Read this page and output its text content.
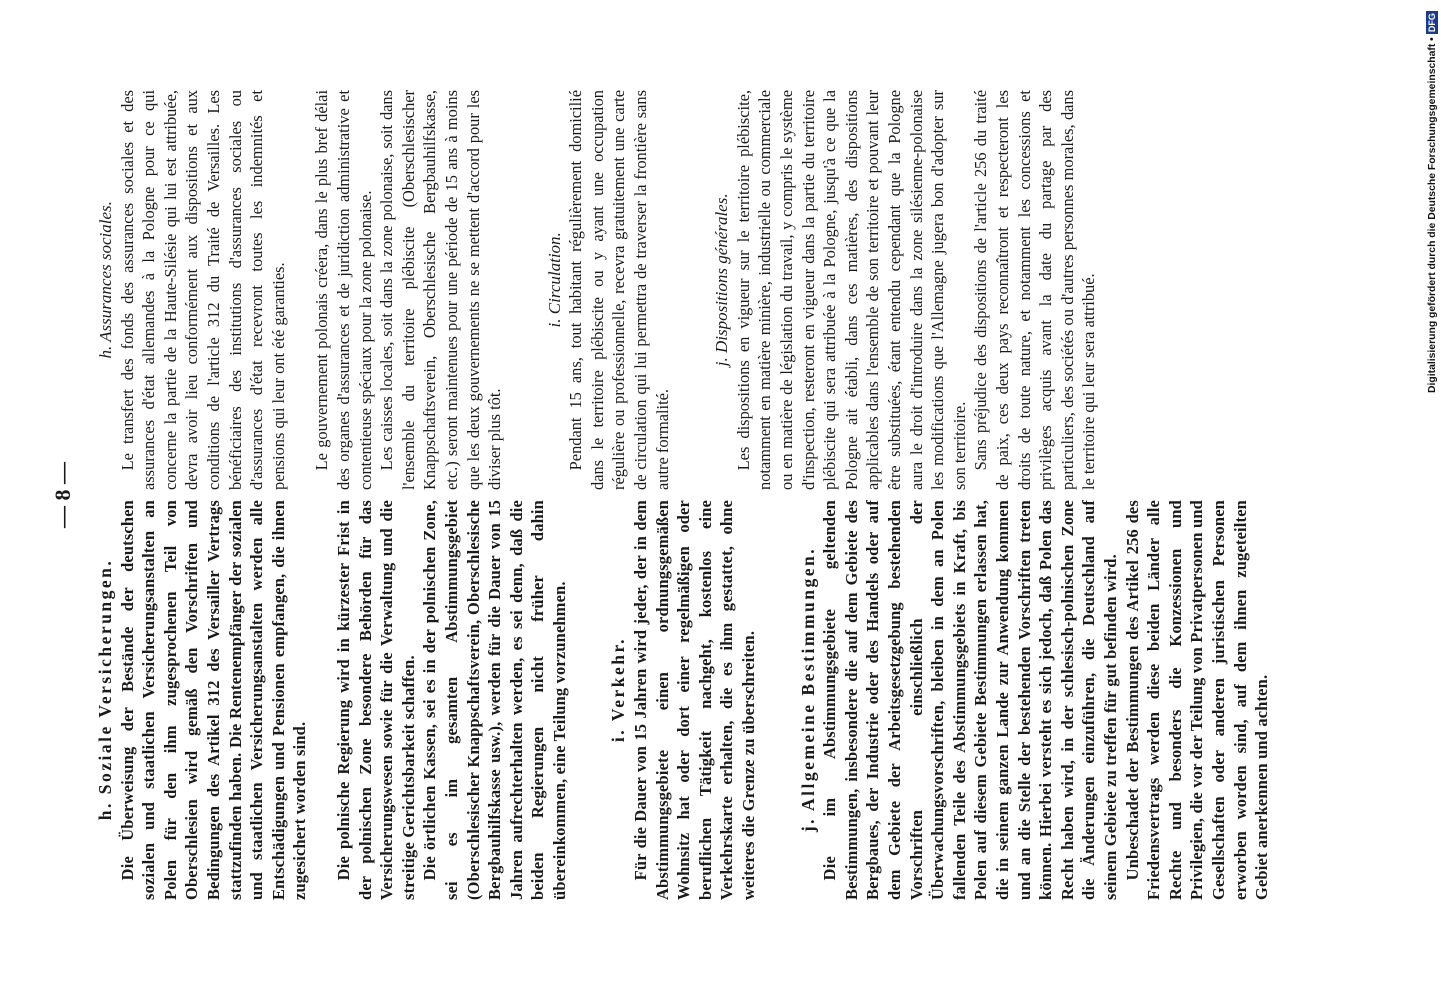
— 8 —

h. Soziale Versicherungen. Die Überweisung der Bestände der deutschen sozialen und staatlichen Versicherungsanstalten an Polen für den ihm zugesprochenen Teil von Oberschlesien wird gemäß den Vorschriften und Bedingungen des Artikel 312 des Versailler Vertrags stattzufinden haben. Die Rentenempfänger der sozialen und staatlichen Versicherungsanstalten werden alle Entschädigungen und Pensionen empfangen, die ihnen zugesichert worden sind. Die polnische Regierung wird in kürzester Frist in der polnischen Zone besondere Behörden für das Versicherungswesen sowie für die Verwaltung und die streitige Gerichtsbarkeit schaffen. Die örtlichen Kassen, sei es in der polnischen Zone, sei es im gesamten Abstimmungsgebiet (Oberschlesischer Knappschaftsverein, Oberschlesische Bergbauhilfskasse usw.), werden für die Dauer von 15 Jahren aufrechterhalten werden, es sei denn, daß die beiden Regierungen nicht früher dahin übereinkommen, eine Teilung vorzunehmen. i. Verkehr. Für die Dauer von 15 Jahren wird jeder, der in dem Abstimmungsgebiete einen ordnungsgemäßen Wohnsitz hat oder dort einer regelmäßigen oder beruflichen Tätigkeit nachgeht, kostenlos eine Verkehrskarte erhalten, die es ihm gestattet, ohne weiteres die Grenze zu überschreiten. j. Allgemeine Bestimmungen. Die im Abstimmungsgebiete geltenden Bestimmungen, insbesondere die auf dem Gebiete des Bergbaues, der Industrie oder des Handels oder auf dem Gebiete der Arbeitsgesetzgebung bestehenden Vorschriften einschließlich der Überwachungsvorschriften, bleiben in dem an Polen fallenden Teile des Abstimmungsgebiets in Kraft, bis Polen auf diesem Gebiete Bestimmungen erlassen hat, die in seinem ganzen Lande zur Anwendung kommen und an die Stelle der bestehenden Vorschriften treten können. Hierbei versteht es sich jedoch, daß Polen das Recht haben wird, in der schlesisch-polnischen Zone die Änderungen einzuführen, die Deutschland auf seinem Gebiete zu treffen für gut befinden wird. Unbeschadet der Bestimmungen des Artikel 256 des Friedensvertrags werden diese beiden Länder alle Rechte und besonders die Konzessionen und Privilegien, die vor der Teilung von Privatpersonen und Gesellschaften oder anderen juristischen Personen erworben worden sind, auf dem ihnen zugeteilten Gebiet anerkennen und achten.

h. Assurances sociales. Le transfert des fonds des assurances sociales et des assurances d'état allemandes à la Pologne pour ce qui concerne la partie de la Haute-Silésie qui lui est attribuée, devra avoir lieu conformément aux dispositions et aux conditions de l'article 312 du Traité de Versailles. Les bénéficiaires des institutions d'assurances sociales ou d'assurances d'état recevront toutes les indemnités et pensions qui leur ont été garanties. Le gouvernement polonais créera, dans le plus bref délai des organes d'assurances et de juridiction administrative et contentieuse spéciaux pour la zone polonaise. Les caisses locales, soit dans la zone polonaise, soit dans l'ensemble du territoire plébiscite (Oberschlesischer Knappschaftsverein, Oberschlesische Bergbauhilfskasse, etc.) seront maintenues pour une période de 15 ans à moins que les deux gouvernements ne se mettent d'accord pour les diviser plus tôt.

i. Circulation. Pendant 15 ans, tout habitant régulièrement domicilié dans le territoire plébiscite ou y ayant une occupation régulière ou professionnelle, recevra gratuitement une carte de circulation qui lui permettra de traverser la frontière sans autre formalité.

j. Dispositions générales. Les dispositions en vigueur sur le territoire plébiscite, notamment en matière minière, industrielle ou commerciale ou en matière de législation du travail, y compris le système d'inspection, resteront en vigueur dans la partie du territoire plébiscite qui sera attribuée à la Pologne, jusqu'à ce que la Pologne ait établi, dans ces matières, des dispositions applicables dans l'ensemble de son territoire et pouvant leur être substituées, étant entendu cependant que la Pologne aura le droit d'introduire dans la zone silésienne-polonaise les modifications que l'Allemagne jugera bon d'adopter sur son territoire. Sans préjudice des dispositions de l'article 256 du traité de paix, ces deux pays reconnaîtront et respecteront les droits de toute nature, et notamment les concessions et privilèges acquis avant la date du partage par des particuliers, des sociétés ou d'autres personnes morales, dans le territoire qui leur sera attribué.	Digitalisierung gefördert durch die Deutsche Forschungsgemeinschaft •DFG
